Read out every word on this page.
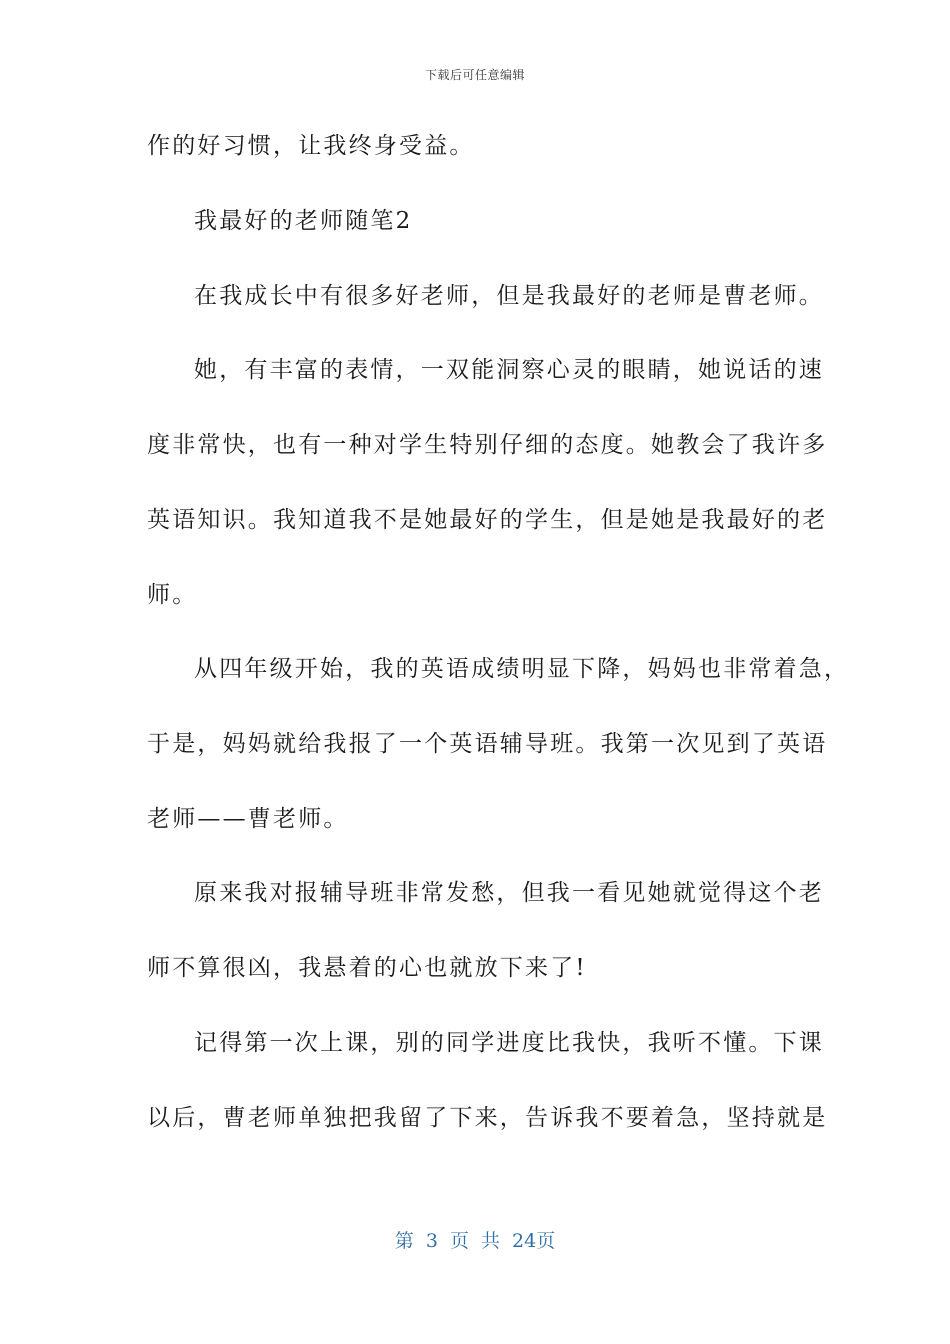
下载后可任意编辑
作的好习惯，让我终身受益。
我最好的老师随笔2
在我成长中有很多好老师，但是我最好的老师是曹老师。
她，有丰富的表情，一双能洞察心灵的眼睛，她说话的速
度非常快，也有一种对学生特别仔细的态度。她教会了我许多
英语知识。我知道我不是她最好的学生，但是她是我最好的老
师。
从四年级开始，我的英语成绩明显下降，妈妈也非常着急，
于是，妈妈就给我报了一个英语辅导班。我第一次见到了英语
老师——曹老师。
原来我对报辅导班非常发愁，但我一看见她就觉得这个老
师不算很凶，我悬着的心也就放下来了!
记得第一次上课，别的同学进度比我快，我听不懂。下课
以后，曹老师单独把我留了下来，告诉我不要着急，坚持就是
第 3 页 共 24页
